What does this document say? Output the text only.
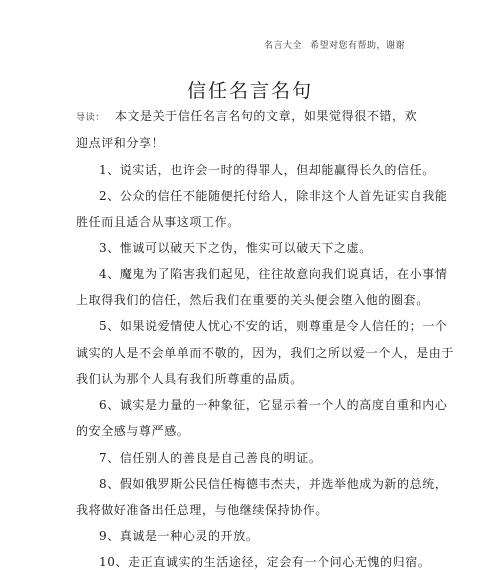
名言大全 希望对您有帮助，谢谢
信任名言名句
导读： 本文是关于信任名言名句的文章，如果觉得很不错，欢
迎点评和分享！
1、说实话，也许会一时的得罪人，但却能赢得长久的信任。
2、公众的信任不能随便托付给人，除非这个人首先证实自我能
胜任而且适合从事这项工作。
3、惟诚可以破天下之伪，惟实可以破天下之虚。
4、魔鬼为了陷害我们起见，往往故意向我们说真话，在小事情
上取得我们的信任，然后我们在重要的关头便会堕入他的圈套。
5、如果说爱情使人忧心不安的话，则尊重是令人信任的；一个
诚实的人是不会单单而不敬的，因为，我们之所以爱一个人，是由于
我们认为那个人具有我们所尊重的品质。
6、诚实是力量的一种象征，它显示着一个人的高度自重和内心
的安全感与尊严感。
7、信任别人的善良是自己善良的明证。
8、假如俄罗斯公民信任梅德韦杰夫，并选举他成为新的总统，
我将做好准备出任总理，与他继续保持协作。
9、真诚是一种心灵的开放。
10、走正直诚实的生活途径，定会有一个问心无愧的归宿。
